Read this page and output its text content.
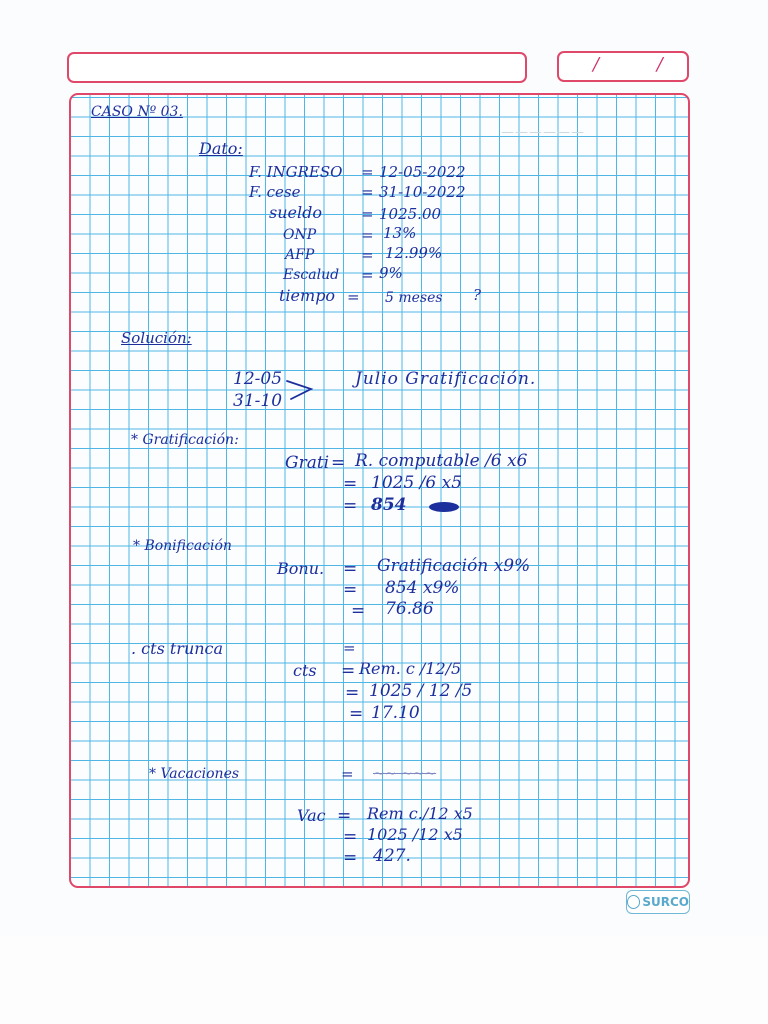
/ /
——————
CASO Nº 03.
Dato:
F. INGRESO = 12-05-2022
F. cese	= 31-10-2022
sueldo	= 1025.00
ONP	= 13%
AFP	= 12.99%
Escalud = 9%
tiempo = 5 meses ?
Solución:
12-05
31-10
Julio Gratificación.
* Gratificación:
Grati = R. computable /6 x6
= 1025 /6 x5
= 854
* Bonificación
Bonu. = Gratificación x9%
= 854 x9%
= 76.86
. cts trunca	=
cts = Rem. c /12/5
= 1025 / 12 /5
= 17.10
* Vacaciones	= ~~ ~~~
Vac = Rem c./12 x5
= 1025 /12 x5
= 427.
SURCO
